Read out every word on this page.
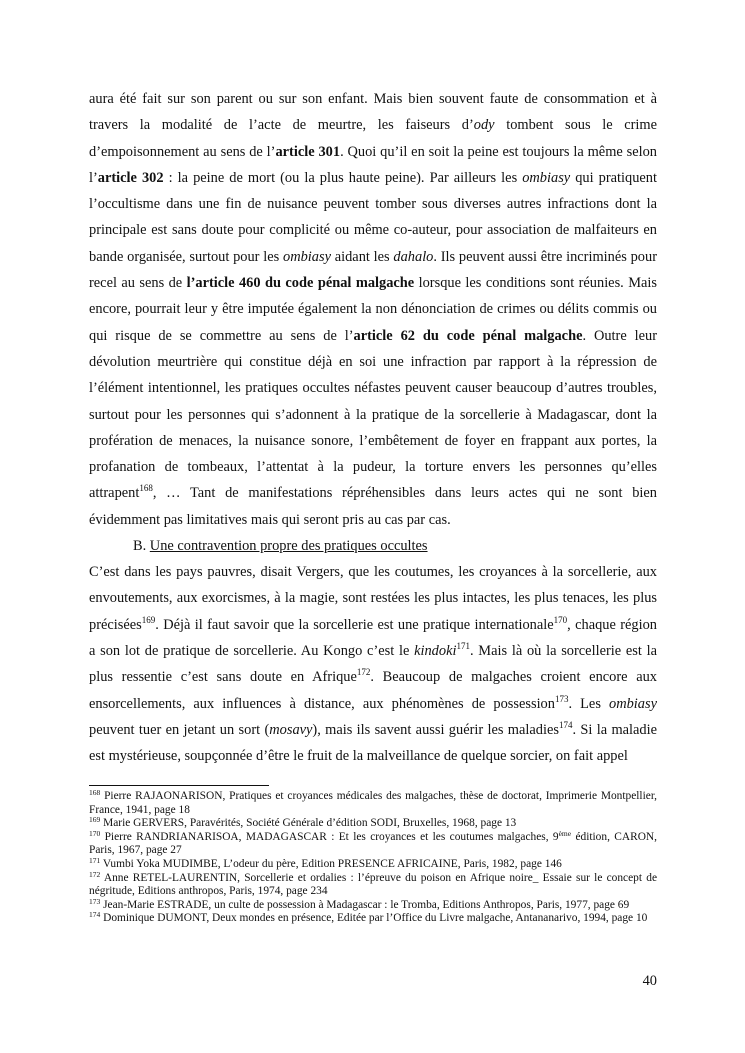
aura été fait sur son parent ou sur son enfant. Mais bien souvent faute de consommation et à travers la modalité de l’acte de meurtre, les faiseurs d’ody tombent sous le crime d’empoisonnement au sens de l’article 301. Quoi qu’il en soit la peine est toujours la même selon l’article 302 : la peine de mort (ou la plus haute peine). Par ailleurs les ombiasy qui pratiquent l’occultisme dans une fin de nuisance peuvent tomber sous diverses autres infractions dont la principale est sans doute pour complicité ou même co-auteur, pour association de malfaiteurs en bande organisée, surtout pour les ombiasy aidant les dahalo. Ils peuvent aussi être incriminés pour recel au sens de l’article 460 du code pénal malgache lorsque les conditions sont réunies. Mais encore, pourrait leur y être imputée également la non dénonciation de crimes ou délits commis ou qui risque de se commettre au sens de l’article 62 du code pénal malgache. Outre leur dévolution meurtrière qui constitue déjà en soi une infraction par rapport à la répression de l’élément intentionnel, les pratiques occultes néfastes peuvent causer beaucoup d’autres troubles, surtout pour les personnes qui s’adonnent à la pratique de la sorcellerie à Madagascar, dont la profération de menaces, la nuisance sonore, l’embêtement de foyer en frappant aux portes, la profanation de tombeaux, l’attentat à la pudeur, la torture envers les personnes qu’elles attrapent$^{168}$, … Tant de manifestations répréhensibles dans leurs actes qui ne sont bien évidemment pas limitatives mais qui seront pris au cas par cas.

B. Une contravention propre des pratiques occultes

C’est dans les pays pauvres, disait Vergers, que les coutumes, les croyances à la sorcellerie, aux envoutements, aux exorcismes, à la magie, sont restées les plus intactes, les plus tenaces, les plus précisées$^{169}$. Déjà il faut savoir que la sorcellerie est une pratique internationale$^{170}$, chaque région a son lot de pratique de sorcellerie. Au Kongo c’est le kindoki$^{171}$. Mais là où la sorcellerie est la plus ressentie c’est sans doute en Afrique$^{172}$. Beaucoup de malgaches croient encore aux ensorcellements, aux influences à distance, aux phénomènes de possession$^{173}$. Les ombiasy peuvent tuer en jetant un sort (mosavy), mais ils savent aussi guérir les maladies$^{174}$. Si la maladie est mystérieuse, soupçonnée d’être le fruit de la malveillance de quelque sorcier, on fait appel

$^{168}$ Pierre RAJAONARISON, Pratiques et croyances médicales des malgaches, thèse de doctorat, Imprimerie Montpellier, France, 1941, page 18

$^{169}$ Marie GERVERS, Paravérités, Société Générale d’édition SODI, Bruxelles, 1968, page 13

$^{170}$ Pierre RANDRIANARISOA, MADAGASCAR : Et les croyances et les coutumes malgaches, 9ème édition, CARON, Paris, 1967, page 27

$^{171}$ Vumbi Yoka MUDIMBE, L’odeur du père, Edition PRESENCE AFRICAINE, Paris, 1982, page 146

$^{172}$ Anne RETEL-LAURENTIN, Sorcellerie et ordalies : l’épreuve du poison en Afrique noire_ Essaie sur le concept de négritude, Editions anthropos, Paris, 1974, page 234

$^{173}$ Jean-Marie ESTRADE, un culte de possession à Madagascar : le Tromba, Editions Anthropos, Paris, 1977, page 69

$^{174}$ Dominique DUMONT, Deux mondes en présence, Editée par l’Office du Livre malgache, Antananarivo, 1994, page 10

40
